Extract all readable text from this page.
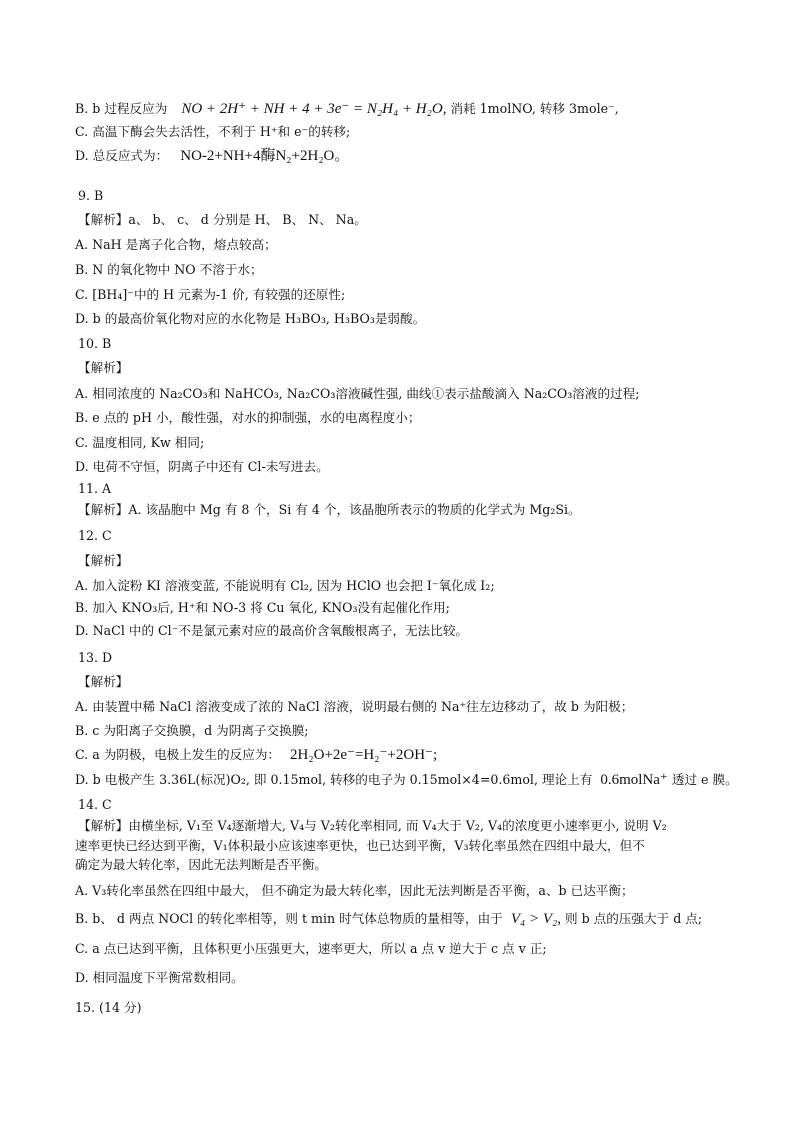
B. b 过程反应为 NO + 2H⁺ + NH + 4 + 3e⁻ = N₂H₄ + H₂O, 消耗 1molNO, 转移 3mole⁻,
C. 高温下酶会失去活性，不利于 H⁺和 e⁻的转移;
D. 总反应式为： NO-2+NH+4酶N₂+2H₂O。
9. B
【解析】a、 b、 c、 d 分别是 H、 B、 N、 Na。
A. NaH 是离子化合物，熔点较高；
B. N 的氧化物中 NO 不溶于水；
C. [BH₄]⁻中的 H 元素为-1 价, 有较强的还原性;
D. b 的最高价氧化物对应的水化物是 H₃BO₃, H₃BO₃是弱酸。
10. B
【解析】
A. 相同浓度的 Na₂CO₃和 NaHCO₃, Na₂CO₃溶液碱性强, 曲线①表示盐酸滴入 Na₂CO₃溶液的过程;
B. e 点的 pH 小，酸性强，对水的抑制强，水的电离程度小；
C. 温度相同, Kw 相同;
D. 电荷不守恒，阴离子中还有 Cl-未写进去。
11. A
【解析】A. 该晶胞中 Mg 有 8 个，Si 有 4 个，该晶胞所表示的物质的化学式为 Mg₂Si。
12. C
【解析】
A. 加入淀粉 KI 溶液变蓝, 不能说明有 Cl₂, 因为 HClO 也会把 I⁻氧化成 I₂;
B. 加入 KNO₃后, H⁺和 NO-3 将 Cu 氧化, KNO₃没有起催化作用;
D. NaCl 中的 Cl⁻不是氯元素对应的最高价含氧酸根离子，无法比较。
13. D
【解析】
A. 由装置中稀 NaCl 溶液变成了浓的 NaCl 溶液，说明最右侧的 Na⁺往左边移动了，故 b 为阳极；
B. c 为阳离子交换膜，d 为阴离子交换膜;
C. a 为阴极，电极上发生的反应为： 2H₂O+2e⁻=H₂⁻+2OH⁻;
D. b 电极产生 3.36L(标况)O₂, 即 0.15mol, 转移的电子为 0.15mol×4=0.6mol, 理论上有 0.6molNa⁺ 透过 e 膜。
14. C
【解析】由横坐标, V₁至 V₄逐渐增大, V₄与 V₂转化率相同, 而 V₄大于 V₂, V₄的浓度更小速率更小, 说明 V₂
速率更快已经达到平衡，V₁体积最小应该速率更快，也已达到平衡，V₃转化率虽然在四组中最大，但不
确定为最大转化率，因此无法判断是否平衡。
A. V₃转化率虽然在四组中最大， 但不确定为最大转化率，因此无法判断是否平衡，a、b 已达平衡；
B. b、 d 两点 NOCl 的转化率相等，则 t min 时气体总物质的量相等，由于 V₄ > V₂, 则 b 点的压强大于 d 点;
C. a 点已达到平衡，且体积更小压强更大，速率更大，所以 a 点 v 逆大于 c 点 v 正;
D. 相同温度下平衡常数相同。
15. (14 分)
